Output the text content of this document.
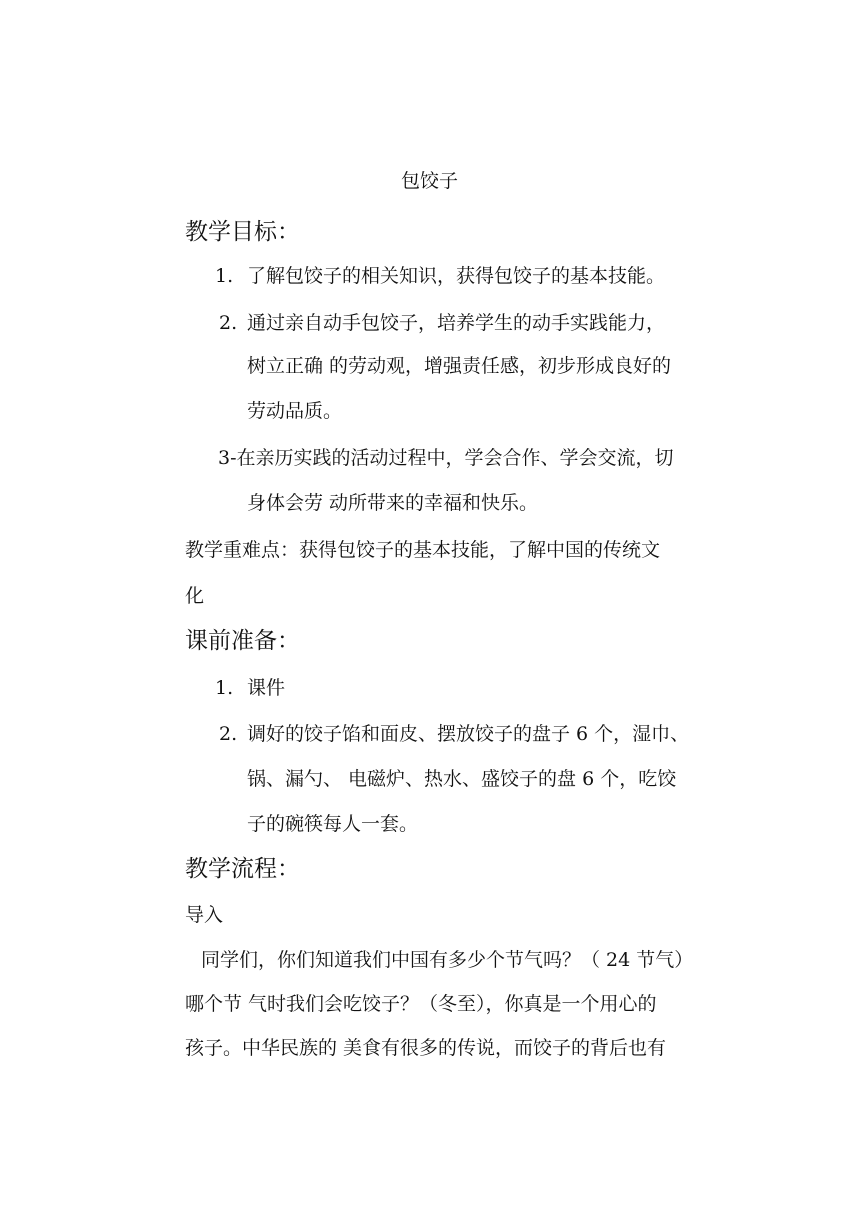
包饺子
教学目标：
1. 了解包饺子的相关知识，获得包饺子的基本技能。
2. 通过亲自动手包饺子，培养学生的动手实践能力，
树立正确 的劳动观，增强责任感，初步形成良好的
劳动品质。
3-在亲历实践的活动过程中，学会合作、学会交流，切
身体会劳 动所带来的幸福和快乐。
教学重难点：获得包饺子的基本技能，了解中国的传统文
化
课前准备：
1. 课件
2. 调好的饺子馅和面皮、摆放饺子的盘子 6 个，湿巾、
锅、漏勺、 电磁炉、热水、盛饺子的盘 6 个，吃饺
子的碗筷每人一套。
教学流程：
导入
同学们，你们知道我们中国有多少个节气吗？（ 24 节气）
哪个节 气时我们会吃饺子？（冬至），你真是一个用心的
孩子。中华民族的 美食有很多的传说，而饺子的背后也有
